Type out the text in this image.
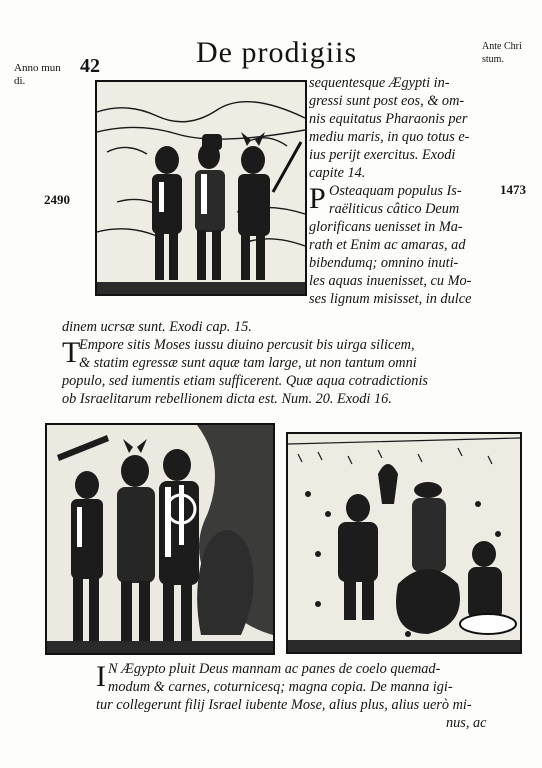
Anno mun
di.
42	De prodigiis	Ante Chri
stum.
2490
1473
sequentesque Ægypti in-
gressi sunt post eos, & om-
nis equitatus Pharaonis per
mediu maris, in quo totus e-
ius perijt exercitus. Exodi
capite 14.
P Osteaquam populus Is-
raëliticus câtico Deum
glorificans uenisset in Ma-
rath et Enim ac amaras, ad
bibendumq; omnino inuti-
les aquas inuenisset, cu Mo-
ses lignum misisset, in dulce
dinem ucrsæ sunt. Exodi cap. 15.
T
Empore sitis Moses iussu diuino percusit bis uirga silicem,
& statim egressæ sunt aquæ tam large, ut non tantum omni
populo, sed iumentis etiam sufficerent. Quæ aqua cotradictionis
ob Israelitarum rebellionem dicta est. Num. 20. Exodi 16.
I N Ægypto pluit Deus mannam ac panes de coelo quemad-
modum & carnes, coturnicesq; magna copia. De manna igi-
tur collegerunt filij Israel iubente Mose, alius plus, alius uerò mi-
nus, ac
